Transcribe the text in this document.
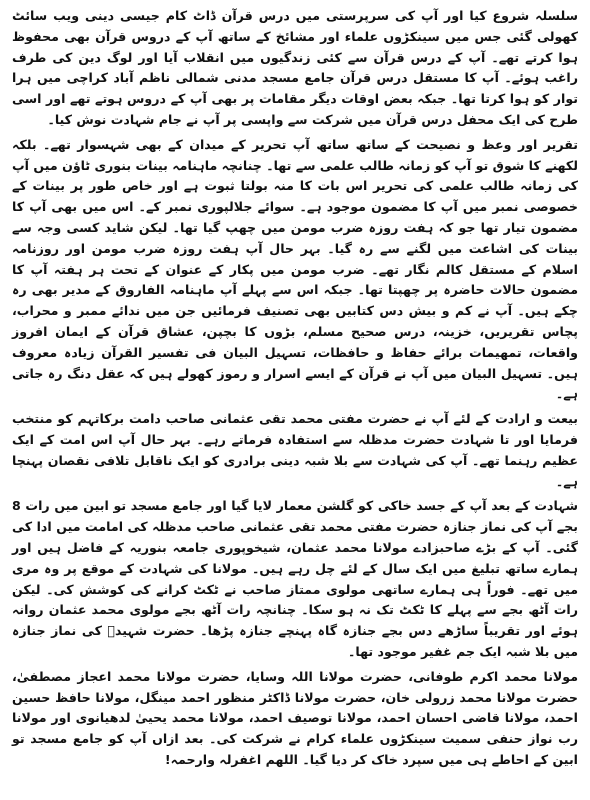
سلسلہ شروع کیا اور آپ کی سرپرستی میں درس قرآن ڈاٹ کام جیسی دینی ویب سائٹ کھولی گئی جس میں سینکڑوں علماء اور مشائخ کے ساتھ آپ کے دروس قرآن بھی محفوظ ہوا کرتے تھے۔ آپ کے درس قرآن سے کئی زندگیوں میں انقلاب آیا اور لوگ دین کی طرف راغب ہوئے۔ آپ کا مستقل درس قرآن جامع مسجد مدنی شمالی ناظم آباد کراچی میں ہرا توار کو ہوا کرتا تھا۔ جبکہ بعض اوقات دیگر مقامات پر بھی آپ کے دروس ہوتے تھے اور اسی طرح کی ایک محفل درس قرآن میں شرکت سے واپسی پر آپ نے جام شہادت نوش کیا۔

تقریر اور وعظ و نصیحت کے ساتھ ساتھ آپ تحریر کے میدان کے بھی شہسوار تھے۔ بلکہ لکھنے کا شوق تو آپ کو زمانہ طالب علمی سے تھا۔ چنانچہ ماہنامہ بینات بنوری ٹاؤن میں آپ کی زمانہ طالب علمی کی تحریر اس بات کا منہ بولتا ثبوت ہے اور خاص طور پر بینات کے خصوصی نمبر میں آپ کا مضمون موجود ہے۔ سوائے جلالپوری نمبر کے۔ اس میں بھی آپ کا مضمون تیار تھا جو کہ ہفت روزہ ضرب مومن میں چھپ گیا تھا۔ لیکن شاید کسی وجہ سے بینات کی اشاعت میں لگنے سے رہ گیا۔ بہر حال آپ ہفت روزہ ضرب مومن اور روزنامہ اسلام کے مستقل کالم نگار تھے۔ ضرب مومن میں پکار کے عنوان کے تحت ہر ہفتہ آپ کا مضمون حالات حاضرہ پر چھپتا تھا۔ جبکہ اس سے پہلے آپ ماہنامہ الفاروق کے مدیر بھی رہ چکے ہیں۔ آپ نے کم و بیش دس کتابیں بھی تصنیف فرمائیں جن میں ندائے ممبر و محراب، پچاس تقریریں، خزینہ، درس صحیح مسلم، بڑوں کا بچپن، عشاق قرآن کے ایمان افروز واقعات، تمھیمات برائے حفاظ و حافظات، تسہیل البیان فی تفسیر القرآن زیادہ معروف ہیں۔ تسہیل البیان میں آپ نے قرآن کے ایسے اسرار و رموز کھولے ہیں کہ عقل دنگ رہ جاتی ہے۔

بیعت و ارادت کے لئے آپ نے حضرت مفتی محمد تقی عثمانی صاحب دامت برکاتہم کو منتخب فرمایا اور تا شہادت حضرت مدظلہ سے استفادہ فرماتے رہے۔ بہر حال آپ اس امت کے ایک عظیم رہنما تھے۔ آپ کی شہادت سے بلا شبہ دینی برادری کو ایک ناقابل تلافی نقصان پہنچا ہے۔

شہادت کے بعد آپ کے جسد خاکی کو گلشن معمار لایا گیا اور جامع مسجد تو ابین میں رات 8 بجے آپ کی نماز جنازہ حضرت مفتی محمد تقی عثمانی صاحب مدظلہ کی امامت میں ادا کی گئی۔ آپ کے بڑے صاحبزادے مولانا محمد عثمان، شیخوپوری جامعہ بنوریہ کے فاضل ہیں اور ہمارے ساتھ تبلیغ میں ایک سال کے لئے چل رہے ہیں۔ مولانا کی شہادت کے موقع پر وہ مری میں تھے۔ فوراً ہی ہمارے ساتھی مولوی ممتاز صاحب نے ٹکٹ کرانے کی کوشش کی۔ لیکن رات آٹھ بجے سے پہلے کا ٹکٹ تک نہ ہو سکا۔ چنانچہ رات آٹھ بجے مولوی محمد عثمان روانہ ہوئے اور تقریباً ساڑھے دس بجے جنازہ گاہ پہنچے جنازہ پڑھا۔ حضرت شہیدؒ کی نماز جنازہ میں بلا شبہ ایک جم غفیر موجود تھا۔

مولانا محمد اکرم طوفانی، حضرت مولانا اللہ وسایا، حضرت مولانا محمد اعجاز مصطفیٰ، حضرت مولانا محمد زرولی خان، حضرت مولانا ڈاکٹر منظور احمد مینگل، مولانا حافظ حسین احمد، مولانا قاضی احسان احمد، مولانا توصیف احمد، مولانا محمد یحییٰ لدھیانوی اور مولانا رب نواز حنفی سمیت سینکڑوں علماء کرام نے شرکت کی۔ بعد ازاں آپ کو جامع مسجد تو ابین کے احاطے ہی میں سپرد خاک کر دیا گیا۔ اللھم اغفرلہ وارحمہ!
